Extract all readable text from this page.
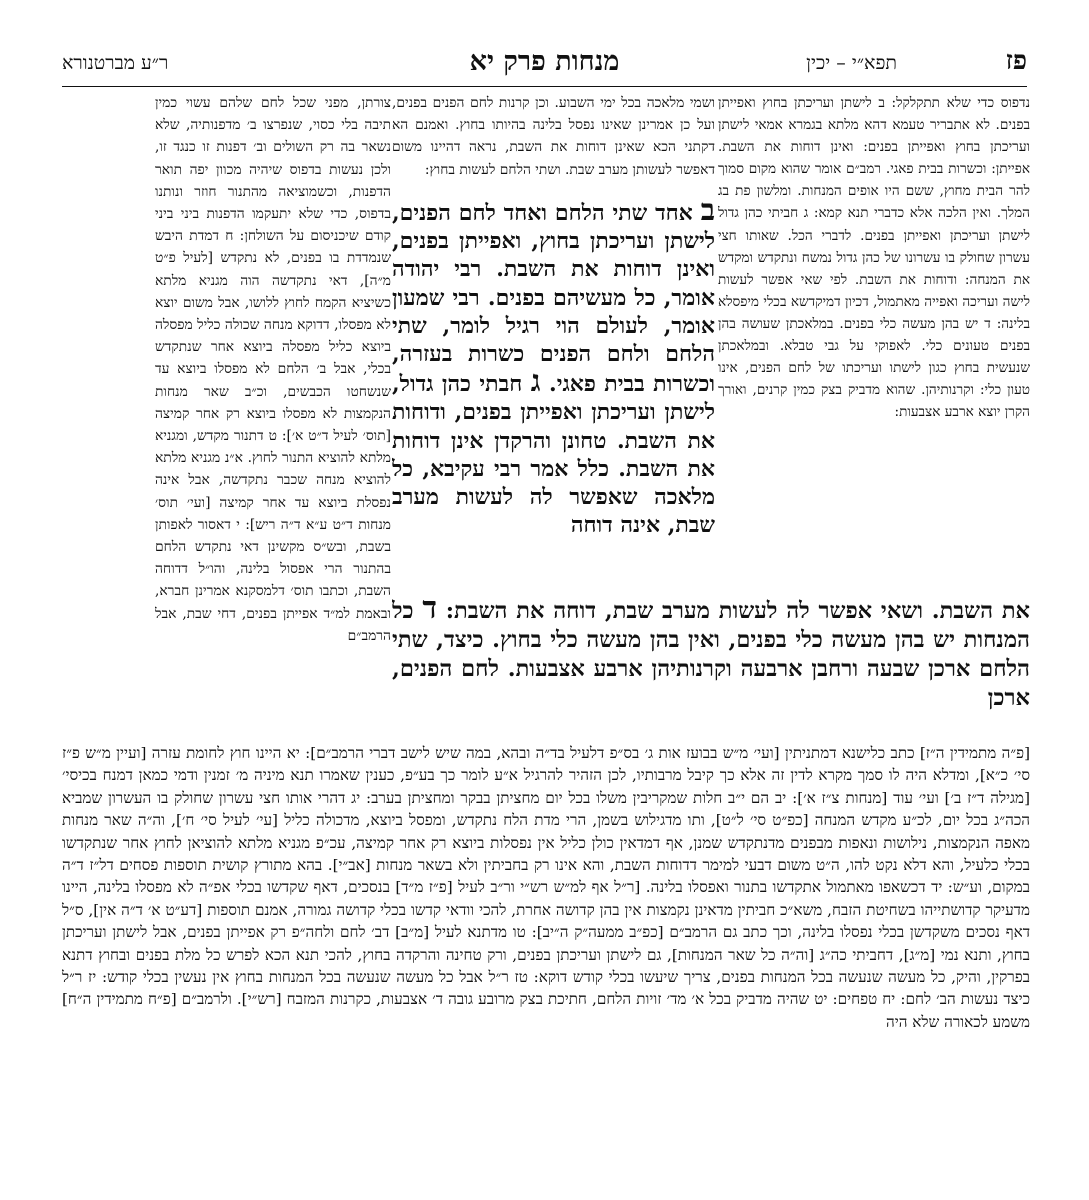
פז
תפא״י – יכין
מנחות פרק יא
ר״ע מברטנורא

נדפוס כדי שלא תתקלקל: ב לישתן ועריכתן בחוץ ואפייתן בפנים. לא אתבריר טעמא דהא מלתא בגמרא אמאי לישתן ועריכתן בחוץ ואפייתן בפנים: ואינן דוחות את השבת. אפייתן: וכשרות בבית פאגי. רמב״ם אומר שהוא מקום סמוך להר הבית מחוץ, ששם היו אופים המנחות. ומלשון פת בג המלך. ואין הלכה אלא כדברי תנא קמא: ג חביתי כהן גדול לישתן ועריכתן ואפייתן בפנים. לדברי הכל. שאותו חצי עשרון שחולק בו עשרונו של כהן גדול נמשח ונתקדש ומקדש את המנחה: ודוחות את השבת. לפי שאי אפשר לעשות לישה ועריכה ואפייה מאתמול, דכיון דמיקדשא בכלי מיפסלא בלינה: ד יש בהן מעשה כלי בפנים. במלאכתן שעושה בהן בפנים טעונים כלי. לאפוקי על גבי טבלא. ובמלאכתן שנעשית בחוץ כגון לישתו ועריכתו של לחם הפנים, אינו טעון כלי: וקרנותיהן. שהוא מדביק בצק כמין קרנים, ואורך הקרן יוצא ארבע אצבעות:

ושמי מלאכה בכל ימי השבוע. וכן קרנות לחם הפנים בפנים, ועל כן אמרינן שאינו נפסל בלינה בהיותו בחוץ. ואמנם הא דקתני הכא שאינן דוחות את השבת, נראה דהיינו משום דאפשר לעשותן מערב שבת. ושתי הלחם לעשות בחוץ:

ב אחד שתי הלחם ואחד לחם הפנים, לישתן ועריכתן בחוץ, ואפייתן בפנים, ואינן דוחות את השבת. רבי יהודה אומר, כל מעשיהם בפנים. רבי שמעון אומר, לעולם הוי רגיל לומר, שתי הלחם ולחם הפנים כשרות בעזרה, וכשרות בבית פאגי. ג חבתי כהן גדול, לישתן ועריכתן ואפייתן בפנים, ודוחות את השבת. טחונן והרקדן אינן דוחות את השבת. כלל אמר רבי עקיבא, כל מלאכה שאפשר לה לעשות מערב שבת, אינה דוחה

צורתן, מפני שכל לחם שלהם עשוי כמין תיבה בלי כסוי, שנפרצו ב׳ מדפנותיה, שלא נשאר בה רק השולים וב׳ דפנות זו כנגד זו, ולכן נעשות בדפוס שיהיה מכוון יפה תואר הדפנות, וכשמוציאה מהתנור חוזר ונותנו בדפוס, כדי שלא יתעקמו הדפנות ביני ביני קודם שיכניסום על השולחן: ח דמדת היבש שנמדדת בו בפנים, לא נתקדש [לעיל פ״ט מ״ה], דאי נתקדשה הוה מגניא מלתא כשיציא הקמח לחוץ ללושו, אבל משום יוצא לא מפסלו, דדוקא מנחה שכולה כליל מפסלה ביוצא כליל מפסלה ביוצא אחר שנתקדש בכלי, אבל ב׳ הלחם לא מפסלו ביוצא עד שנשחטו הכבשים, וכ״ב שאר מנחות הנקמצות לא מפסלו ביוצא רק אחר קמיצה [תוס׳ לעיל ד״ט א׳]: ט דתנור מקדש, ומגניא מלתא להוציא התנור לחוץ. א״נ מגניא מלתא להוציא מנחה שכבר נתקדשה, אבל אינה נפסלת ביוצא עד אחר קמיצה [ועי׳ תוס׳ מנחות ד״ט ע״א ד״ה ריש]: י דאסור לאפותן בשבת, ובש״ס מקשינן דאי נתקדש הלחם בהתנור הרי אפסול בלינה, והו״ל דדוחה השבת, וכתבו תוס׳ דלמסקנא אמרינן חברא, ובאמת למ״ד אפייתן בפנים, דחי שבת, אבל הרמב״ם

את השבת. ושאי אפשר לה לעשות מערב שבת, דוחה את השבת: ד כל המנחות יש בהן מעשה כלי בפנים, ואין בהן מעשה כלי בחוץ. כיצד, שתי הלחם ארכן שבעה ורחבן ארבעה וקרנותיהן ארבע אצבעות. לחם הפנים, ארכן

[פ״ה מתמידין ה״ז] כתב כלישנא דמתניתין [ועי׳ מ״ש בבועז אות ג׳ בס״פ דלעיל בד״ה ובהא, במה שיש לישב דברי הרמב״ם]: יא היינו חוץ לחומת עזרה [ועיין מ״ש פ״ז סי׳ כ״א], ומדלא היה לו סמך מקרא לדין זה אלא כך קיבל מרבותיו, לכן הזהיר להרגיל א״ע לומר כך בע״פ, כענין שאמרו תנא מיניה מ׳ זמנין ודמי כמאן דמנח בכיסי׳ [מגילה ד״ז ב׳] ועי׳ עוד [מנחות צ״ז א׳]: יב הם י״ב חלות שמקריבין משלו בכל יום מחציתן בבקר ומחציתן בערב: יג דהרי אותו חצי עשרון שחולק בו העשרון שמביא הכה״ג בכל יום, לכ״ע מקדש המנחה [כפ״ט סי׳ ל״ט], ותו מדגילוש בשמן, הרי מדת הלח נתקדש, ומפסל ביוצא, מדכולה כליל [עי׳ לעיל סי׳ ח׳], וה״ה שאר מנחות מאפה הנקמצות, נילושות ונאפות מבפנים מדנתקדש שמנן, אף דמדאין כולן כליל אין נפסלות ביוצא רק אחר קמיצה, עכ״פ מגניא מלתא להוציאן לחוץ אחר שנתקדשו בכלי כלעיל, והא דלא נקט להו, ה״ט משום דבעי למימר דדוחות השבת, והא אינו רק בחביתין ולא בשאר מנחות [אב״י]. בהא מתורץ קושית תוספות פסחים דל״ז ד״ה במקום, וע״ש: יד דכשאפו מאתמול אתקדשו בתנור ואפסלו בלינה. [ר״ל אף למ״ש רש״י ור״ב לעיל [פ״ז מ״ד] בנסכים, דאף שקדשו בכלי אפ״ה לא מפסלו בלינה, היינו מדעיקר קדושתייהו בשחיטת הזבח, משא״כ חביתין מדאינן נקמצות אין בהן קדושה אחרת, להכי וודאי קדשו בכלי קדושה גמורה, אמנם תוספות [דע״ט א׳ ד״ה אין], ס״ל דאף נסכים משקדשן בכלי נפסלו בלינה, וכך כתב גם הרמב״ם [כפ״ב ממעה״ק ה״יב]: טו מדתנא לעיל [מ״ב] דב׳ לחם ולחה״פ רק אפייתן בפנים, אבל לישתן ועריכתן בחוץ, ותנא נמי [מ״ג], דחביתי כה״ג [וה״ה כל שאר המנחות], גם לישתן ועריכתן בפנים, ורק טחינה והרקדה בחוץ, להכי תנא הכא לפרש כל מלת בפנים ובחוץ דתנא בפרקין, והיק, כל מעשה שנעשה בכל המנחות בפנים, צריך שיעשו בכלי קודש דוקא: טז ר״ל אבל כל מעשה שנעשה בכל המנחות בחוץ אין נעשין בכלי קודש: יז ר״ל כיצד נעשות הב׳ לחם: יח טפחים: יט שהיה מדביק בכל א׳ מד׳ זויות הלחם, חתיכת בצק מרובע גובה ד׳ אצבעות, כקרנות המזבח [רש״י]. ולרמב״ם [פ״ח מתמידין ה״ח] משמע לכאורה שלא היה
